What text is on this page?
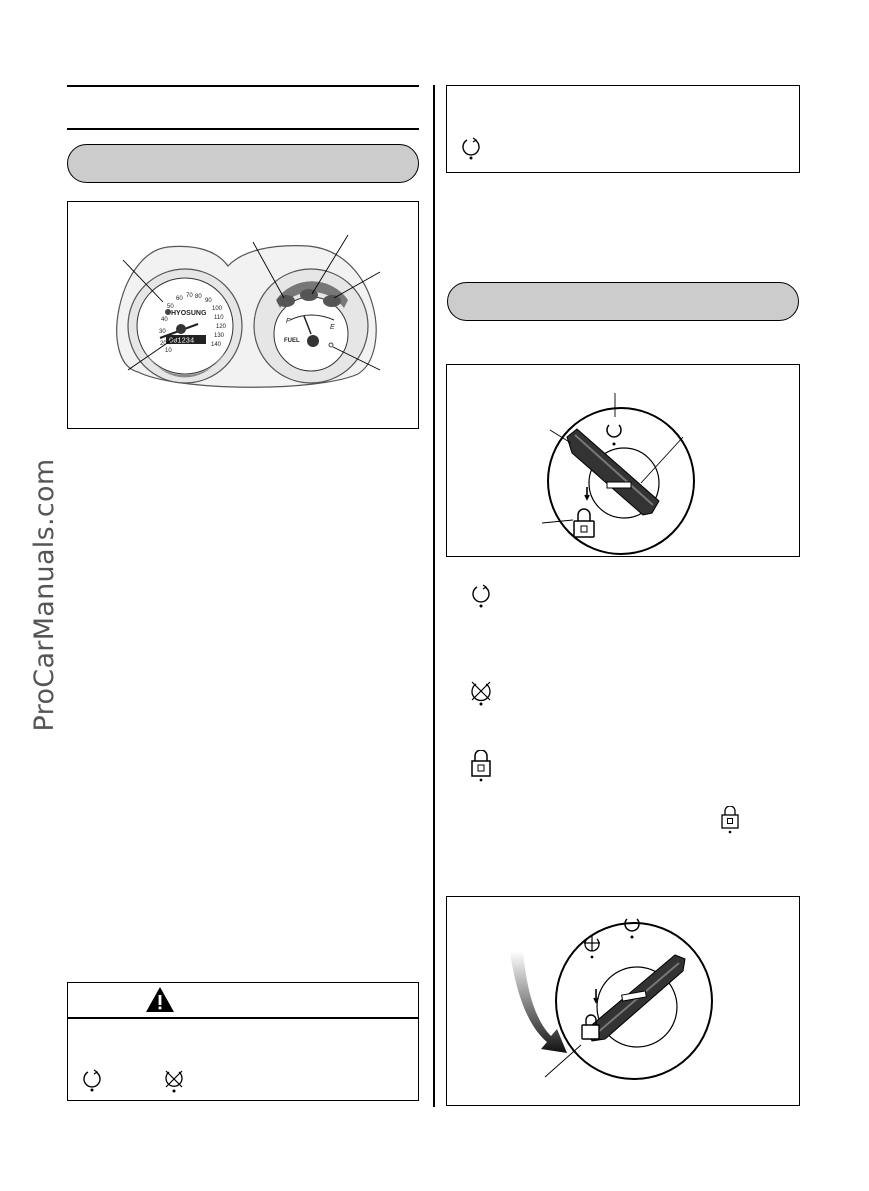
ProCarManuals.com
10
20
30
40
50
60 70 80
90
100
110
120
130
140
HYOSUNG
001234
km/h
TOTAL
F
E
FUEL
